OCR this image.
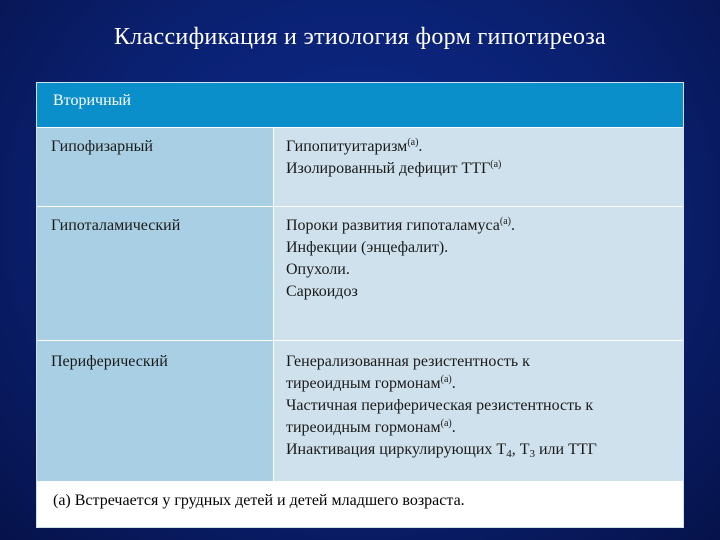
Классификация и этиология форм гипотиреоза
Вторичный
Гипофизарный	Гипопитуитаризм$^{(а)}$.
Изолированный дефицит $ТТГ^{(а)}$
Гипоталамический	Пороки развития гипоталамуса$^{(а)}$.
Инфекции (энцефалит).
Опухоли.
Саркоидоз
Периферический	Генерализованная резистентность к
тиреоидным гормонам$^{(а)}$.
Частичная периферическая резистентность к
тиреоидным гормонам$^{(а)}$.
Инактивация циркулирующих $Т_4$, $Т_3$ или ТТГ
(а) Встречается у грудных детей и детей младшего возраста.
